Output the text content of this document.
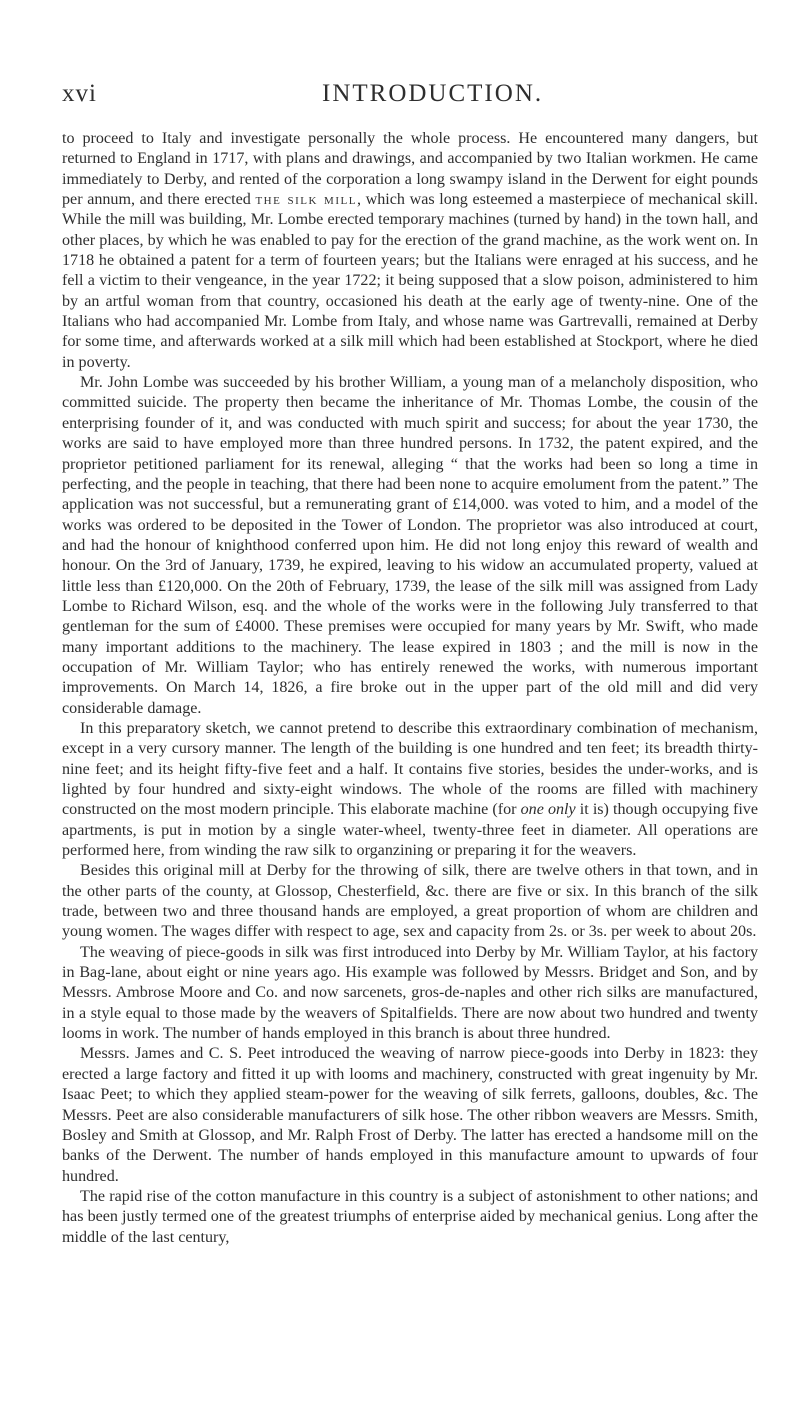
xvi	INTRODUCTION.

to proceed to Italy and investigate personally the whole process. He encountered many dangers, but returned to England in 1717, with plans and drawings, and accompanied by two Italian workmen. He came immediately to Derby, and rented of the corporation a long swampy island in the Derwent for eight pounds per annum, and there erected the silk mill, which was long esteemed a masterpiece of mechanical skill. While the mill was building, Mr. Lombe erected temporary machines (turned by hand) in the town hall, and other places, by which he was enabled to pay for the erection of the grand machine, as the work went on. In 1718 he obtained a patent for a term of fourteen years; but the Italians were enraged at his success, and he fell a victim to their vengeance, in the year 1722; it being supposed that a slow poison, administered to him by an artful woman from that country, occasioned his death at the early age of twenty-nine. One of the Italians who had accompanied Mr. Lombe from Italy, and whose name was Gartrevalli, remained at Derby for some time, and afterwards worked at a silk mill which had been established at Stockport, where he died in poverty.

Mr. John Lombe was succeeded by his brother William, a young man of a melancholy disposition, who committed suicide. The property then became the inheritance of Mr. Thomas Lombe, the cousin of the enterprising founder of it, and was conducted with much spirit and success; for about the year 1730, the works are said to have employed more than three hundred persons. In 1732, the patent expired, and the proprietor petitioned parliament for its renewal, alleging “ that the works had been so long a time in perfecting, and the people in teaching, that there had been none to acquire emolument from the patent.” The application was not successful, but a remunerating grant of £14,000. was voted to him, and a model of the works was ordered to be deposited in the Tower of London. The proprietor was also introduced at court, and had the honour of knighthood conferred upon him. He did not long enjoy this reward of wealth and honour. On the 3rd of January, 1739, he expired, leaving to his widow an accumulated property, valued at little less than £120,000. On the 20th of February, 1739, the lease of the silk mill was assigned from Lady Lombe to Richard Wilson, esq. and the whole of the works were in the following July transferred to that gentleman for the sum of £4000. These premises were occupied for many years by Mr. Swift, who made many important additions to the machinery. The lease expired in 1803 ; and the mill is now in the occupation of Mr. William Taylor; who has entirely renewed the works, with numerous important improvements. On March 14, 1826, a fire broke out in the upper part of the old mill and did very considerable damage.

In this preparatory sketch, we cannot pretend to describe this extraordinary combination of mechanism, except in a very cursory manner. The length of the building is one hundred and ten feet; its breadth thirty-nine feet; and its height fifty-five feet and a half. It contains five stories, besides the under-works, and is lighted by four hundred and sixty-eight windows. The whole of the rooms are filled with machinery constructed on the most modern principle. This elaborate machine (for one only it is) though occupying five apartments, is put in motion by a single water-wheel, twenty-three feet in diameter. All operations are performed here, from winding the raw silk to organzining or preparing it for the weavers.

Besides this original mill at Derby for the throwing of silk, there are twelve others in that town, and in the other parts of the county, at Glossop, Chesterfield, &c. there are five or six. In this branch of the silk trade, between two and three thousand hands are employed, a great proportion of whom are children and young women. The wages differ with respect to age, sex and capacity from 2s. or 3s. per week to about 20s.

The weaving of piece-goods in silk was first introduced into Derby by Mr. William Taylor, at his factory in Bag-lane, about eight or nine years ago. His example was followed by Messrs. Bridget and Son, and by Messrs. Ambrose Moore and Co. and now sarcenets, gros-de-naples and other rich silks are manufactured, in a style equal to those made by the weavers of Spitalfields. There are now about two hundred and twenty looms in work. The number of hands employed in this branch is about three hundred.

Messrs. James and C. S. Peet introduced the weaving of narrow piece-goods into Derby in 1823: they erected a large factory and fitted it up with looms and machinery, constructed with great ingenuity by Mr. Isaac Peet; to which they applied steam-power for the weaving of silk ferrets, galloons, doubles, &c. The Messrs. Peet are also considerable manufacturers of silk hose. The other ribbon weavers are Messrs. Smith, Bosley and Smith at Glossop, and Mr. Ralph Frost of Derby. The latter has erected a handsome mill on the banks of the Derwent. The number of hands employed in this manufacture amount to upwards of four hundred.

The rapid rise of the cotton manufacture in this country is a subject of astonishment to other nations; and has been justly termed one of the greatest triumphs of enterprise aided by mechanical genius. Long after the middle of the last century,
